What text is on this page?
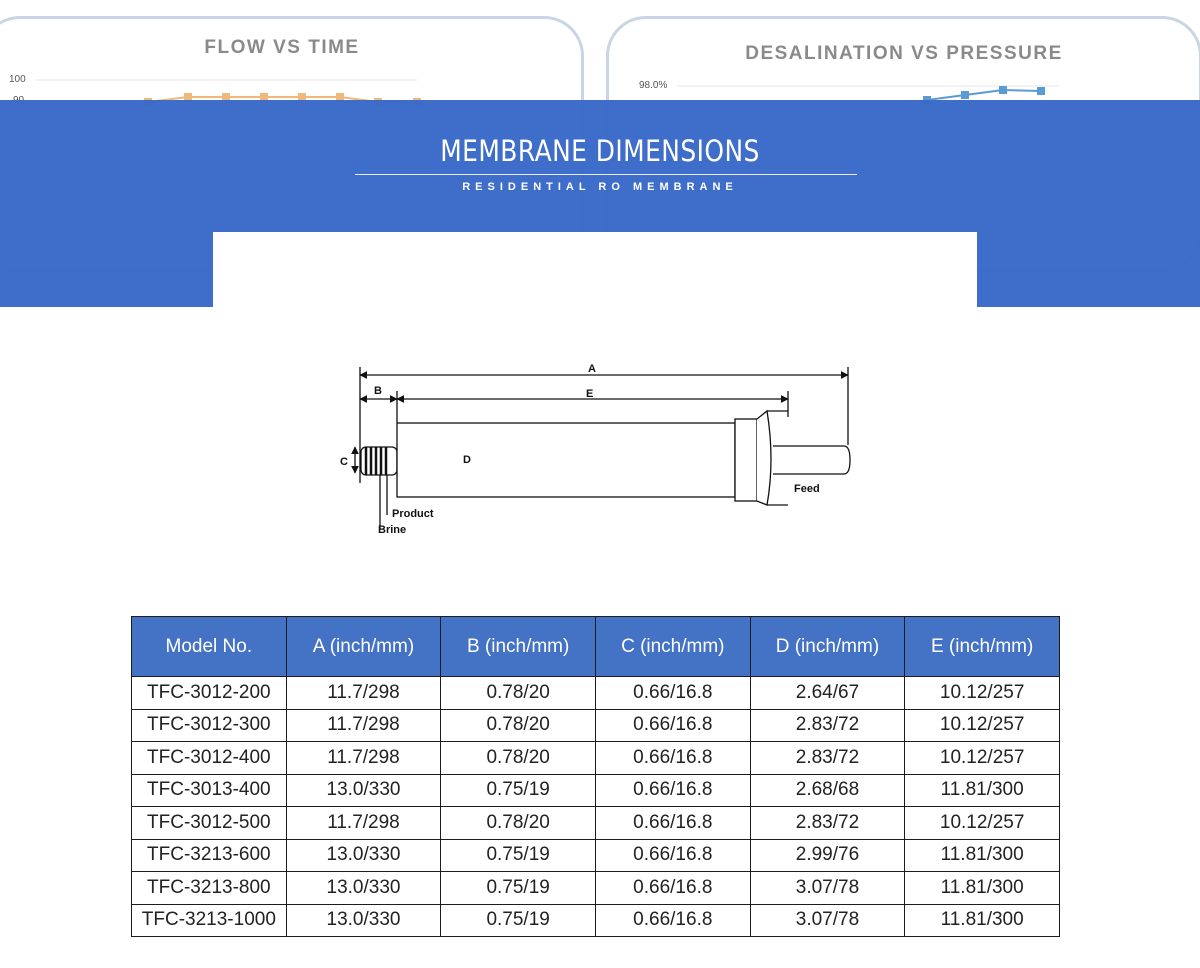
FLOW VS TIME
100
DESALINATION VS PRESSURE
98.0%
MEMBRANE DIMENSIONS
RESIDENTIAL RO MEMBRANE
A
B	E
C	D
Feed
Product
Brine
Model No.	A (inch/mm)	B (inch/mm)	C (inch/mm)	D (inch/mm)	E (inch/mm)
TFC-3012-200	11.7/298	0.78/20	0.66/16.8	2.64/67	10.12/257
TFC-3012-300	11.7/298	0.78/20	0.66/16.8	2.83/72	10.12/257
TFC-3012-400	11.7/298	0.78/20	0.66/16.8	2.83/72	10.12/257
TFC-3013-400	13.0/330	0.75/19	0.66/16.8	2.68/68	11.81/300
TFC-3012-500	11.7/298	0.78/20	0.66/16.8	2.83/72	10.12/257
TFC-3213-600	13.0/330	0.75/19	0.66/16.8	2.99/76	11.81/300
TFC-3213-800	13.0/330	0.75/19	0.66/16.8	3.07/78	11.81/300
TFC-3213-1000	13.0/330	0.75/19	0.66/16.8	3.07/78	11.81/300
